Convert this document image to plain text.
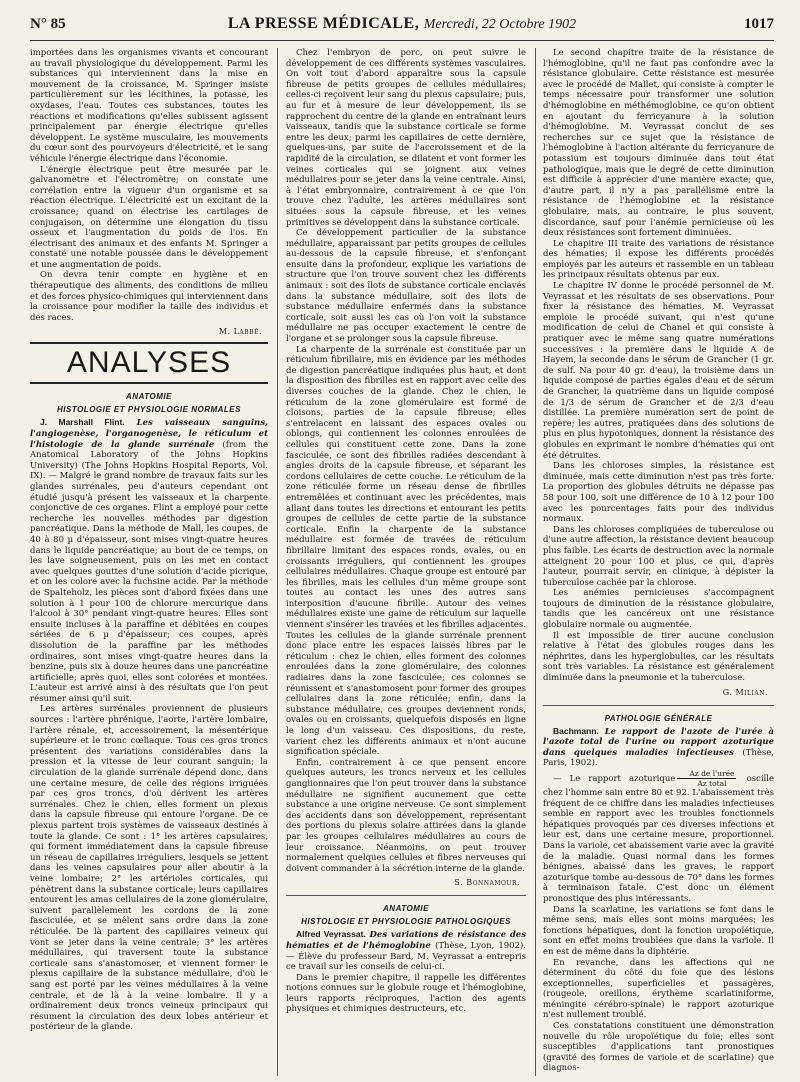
N° 85	LA PRESSE MÉDICALE, Mercredi, 22 Octobre 1902	1017

importées dans les organismes vivants et concourant au travail physiologique du développement. Parmi les substances qui interviennent dans la mise en mouvement de la croissance, M. Springer insiste particulièrement sur les lécithines, la potasse, les oxydases, l'eau. Toutes ces substances, toutes les réactions et modifications qu'elles subissent agissent principalement par énergie électrique qu'elles développent. Le système musculaire, les mouvements du cœur sont des pourvoyeurs d'électricité, et le sang véhicule l'énergie électrique dans l'économie.

L'énergie électrique peut être mesurée par le galvanomètre et l'électromètre; on constate une corrélation entre la vigueur d'un organisme et sa réaction électrique. L'électricité est un excitant de la croissance; quand on électrise les cartilages de conjugaison, on détermine une élongation du tissu osseux et l'augmentation du poids de l'os. En électrisant des animaux et des enfants M. Springer a constaté une notable poussée dans le développement et une augmentation de poids.

On devra tenir compte en hygiène et en thérapeutique des aliments, des conditions de milieu et des forces physico-chimiques qui interviennent dans la croissance pour modifier la taille des individus et des races.

M. Labbé.
ANALYSES
ANATOMIE
HISTOLOGIE ET PHYSIOLOGIE NORMALES

J. Marshall Flint. Les vaisseaux sanguins, l'angiogenèse, l'organogenèse, le réticulum et l'histologie de la glande surrénale (from the Anatomical Laboratory of the Johns Hopkins University) (The Johns Hopkins Hospital Reports, Vol. IX). — Malgré le grand nombre de travaux faits sur les glandes surrénales, peu d'auteurs cependant ont étudié jusqu'à présent les vaisseaux et la charpente conjonctive de ces organes. Flint a employé pour cette recherche les nouvelles méthodes par digestion pancréatique. Dans la méthode de Mall, les coupes, de 40 à 80 µ d'épaisseur, sont mises vingt-quatre heures dans le liquide pancréatique; au bout de ce temps, on les lave soigneusement, puis on les met en contact avec quelques gouttes d'une solution d'acide picrique, et on les colore avec la fuchsine acide. Par la méthode de Spalteholz, les pièces sont d'abord fixées dans une solution à 1 pour 100 de chlorure mercurique dans l'alcool à 30° pendant vingt-quatre heures. Elles sont ensuite incluses à la paraffine et débitées en coupes sériées de 6 µ d'épaisseur; ces coupes, après dissolution de la paraffine par les méthodes ordinaires, sont mises vingt-quatre heures dans la benzine, puis six à douze heures dans une pancréatine artificielle; après quoi, elles sont colorées et montées. L'auteur est arrivé ainsi à des résultats que l'on peut résumer ainsi qu'il suit.

Les artères surrénales proviennent de plusieurs sources : l'artère phrénique, l'aorte, l'artère lombaire, l'artère rénale, et, accessoirement, la mésentérique supérieure et le tronc cœliaque. Tous ces gros troncs présentent des variations considérables dans la pression et la vitesse de leur courant sanguin; la circulation de la glande surrénale dépend donc, dans une certaine mesure, de celle des régions irriguées par ces gros troncs, d'où dérivent les artères surrénales. Chez le chien, elles forment un plexus dans la capsule fibreuse qui entoure l'organe. De ce plexus partent trois systèmes de vaisseaux destinés à toute la glande. Ce sont : 1° les artères capsulaires, qui forment immédiatement dans la capsule fibreuse un réseau de capillaires irréguliers, lesquels se jettent dans les veines capsulaires pour aller aboutir à la veine lombaire; 2° les artérioles corticales, qui pénètrent dans la substance corticale; leurs capillaires entourent les amas cellulaires de la zone glomérulaire, suivent parallèlement les cordons de la zone fasciculée, et se mêlent sans ordre dans la zone réticulée. De là partent des capillaires veineux qui vont se jeter dans la veine centrale; 3° les artères médullaires, qui traversent toute la substance corticale sans s'anastomoser, et viennent former le plexus capillaire de la substance médullaire, d'où le sang est porté par les veines médullaires à la veine centrale, et de là à la veine lombaire. Il y a ordinairement deux troncs veineux principaux qui résument la circulation des deux lobes antérieur et postérieur de la glande.

Chez l'embryon de porc, on peut suivre le développement de ces différents systèmes vasculaires. On voit tout d'abord apparaître sous la capsule fibreuse de petits groupes de cellules médullaires; celles-ci reçoivent leur sang du plexus capsulaire; puis, au fur et à mesure de leur développement, ils se rapprochent du centre de la glande en entraînant leurs vaisseaux, tandis que la substance corticale se forme entre les deux; parmi les capillaires de cette dernière, quelques-uns, par suite de l'accroissement et de la rapidité de la circulation, se dilatent et vont former les veines corticales qui se joignent aux veines médullaires pour se jeter dans la veine centrale. Ainsi, à l'état embryonnaire, contrairement à ce que l'on trouve chez l'adulte, les artères médullaires sont situées sous la capsule fibreuse, et les veines primitives se développent dans la substance corticale.

Ce développement particulier de la substance médullaire, apparaissant par petits groupes de cellules au-dessous de la capsule fibreuse, et s'enfonçant ensuite dans la profondeur, explique les variations de structure que l'on trouve souvent chez les différents animaux : soit des îlots de substance corticale enclavés dans la substance médullaire, soit des îlots de substance médullaire enfermés dans la substance corticale, soit aussi les cas où l'on voit la substance médullaire ne pas occuper exactement le centre de l'organe et se prolonger sous la capsule fibreuse.

La charpente de la surrénale est constituée par un réticulum fibrillaire, mis en évidence par les méthodes de digestion pancréatique indiquées plus haut, et dont la disposition des fibrilles est en rapport avec celle des diverses couches de la glande. Chez le chien, le réticulum de la zone glomérulaire est formé de cloisons, parties de la capsule fibreuse; elles s'entrelacent en laissant des espaces ovales ou oblongs, qui contiennent les colonnes enroulées de cellules qui constituent cette zone. Dans la zone fasciculée, ce sont des fibrilles radiées descendant à angles droits de la capsule fibreuse, et séparant les cordons cellulaires de cette couche. Le réticulum de la zone réticulée forme un réseau dense de fibrilles entremêlées et continuant avec les précédentes, mais allant dans toutes les directions et entourant les petits groupes de cellules de cette partie de la substance corticale. Enfin la charpente de la substance médullaire est formée de travées de réticulum fibrillaire limitant des espaces ronds, ovales, ou en croissants irréguliers, qui contiennent les groupes cellulaires médullaires. Chaque groupe est entouré par les fibrilles, mais les cellules d'un même groupe sont toutes au contact les unes des autres sans interposition d'aucune fibrille. Autour des veines médullaires existe une gaine de réticulum sur laquelle viennent s'insérer les travées et les fibrilles adjacentes. Toutes les cellules de la glande surrénale prennent donc place entre les espaces laissés libres par le réticulum : chez le chien, elles forment des colonnes enroulées dans la zone glomérulaire, des colonnes radiaires dans la zone fasciculée; ces colonnes se réunissent et s'anastomosent pour former des groupes cellulaires dans la zone réticulée; enfin, dans la substance médullaire, ces groupes deviennent ronds, ovales ou en croissants, quelquefois disposés en ligne le long d'un vaisseau. Ces dispositions, du reste, varient chez les différents animaux et n'ont aucune signification spéciale.

Enfin, contrairement à ce que pensent encore quelques auteurs, les troncs nerveux et les cellules ganglionnaires que l'on peut trouver dans la substance médullaire ne signifient aucunement que cette substance a une origine nerveuse. Ce sont simplement des accidents dans son développement, représentant des portions du plexus solaire attirées dans la glande par les groupes cellulaires médullaires au cours de leur croissance. Néanmoins, on peut trouver normalement quelques cellules et fibres nerveuses qui doivent commander à la sécrétion interne de la glande.

S. Bonnamour.
ANATOMIE
HISTOLOGIE ET PHYSIOLOGIE PATHOLOGIQUES

Alfred Veyrassat. Des variations de résistance des hématies et de l'hémoglobine (Thèse, Lyon, 1902). — Élève du professeur Bard, M. Veyrassat a entrepris ce travail sur les conseils de celui-ci.

Dans le premier chapitre, il rappelle les différentes notions connues sur le globule rouge et l'hémoglobine, leurs rapports réciproques, l'action des agents physiques et chimiques destructeurs, etc.

Le second chapitre traite de la résistance de l'hémoglobine, qu'il ne faut pas confondre avec la résistance globulaire. Cette résistance est mesurée avec le procédé de Mallet, qui consiste à compter le temps nécessaire pour transformer une solution d'hémoglobine en méthémoglobine, ce qu'on obtient en ajoutant du ferricyanure à la solution d'hémoglobine. M. Veyrassat conclut de ses recherches sur ce sujet que la résistance de l'hémoglobine à l'action altérante du ferricyanure de potassium est toujours diminuée dans tout état pathologique, mais que le degré de cette diminution est difficile à apprécier d'une manière exacte; que, d'autre part, il n'y a pas parallélisme entre la résistance de l'hémoglobine et la résistance globulaire, mais, au contraire, le plus souvent, discordance, sauf pour l'anémie pernicieuse où les deux résistances sont fortement diminuées.

Le chapitre III traite des variations de résistance des hématies; il expose les différents procédés employés par les auteurs et rassemble en un tableau les principaux résultats obtenus par eux.

Le chapitre IV donne le procédé personnel de M. Veyrassat et les résultats de ses observations. Pour fixer la résistance des hématies, M. Veyrassat emploie le procédé suivant, qui n'est qu'une modification de celui de Chanel et qui consiste à pratiquer avec le même sang quatre numérations successives : la première dans le liquide A de Hayem, la seconde dans le sérum de Grancher (1 gr. de sulf. Na pour 40 gr. d'eau), la troisième dans un liquide composé de parties égales d'eau et de sérum de Grancher, la quatrième dans un liquide composé de 1/3 de sérum de Grancher et de 2/3 d'eau distillée. La première numération sert de point de repère; les autres, pratiquées dans des solutions de plus en plus hypotoniques, donnent la résistance des globules en exprimant le nombre d'hématies qui ont été détruites.

Dans les chloroses simples, la résistance est diminuée, mais cette diminution n'est pas très forte. La proportion des globules détruits ne dépasse pas 58 pour 100, soit une différence de 10 à 12 pour 100 avec les pourcentages faits pour des individus normaux.

Dans les chloroses compliquées de tuberculose ou d'une autre affection, la résistance devient beaucoup plus faible. Les écarts de destruction avec la normale atteignent 20 pour 100 et plus, ce qui, d'après l'auteur, pourrait servir, en clinique, à dépister la tuberculose cachée par la chlorose.

Les anémies pernicieuses s'accompagnent toujours de diminution de la résistance globulaire, tandis que les cancéreux ont une résistance globulaire normale ou augmentée.

Il est impossible de tirer aucune conclusion relative à l'état des globules rouges dans les néphrites, dans les hyperglobulies, car les résultats sont très variables. La résistance est généralement diminuée dans la pneumonie et la tuberculose.

G. Milian.
PATHOLOGIE GÉNÉRALE

Bachmann. Le rapport de l'azote de l'urée à l'azote total de l'urine ou rapport azoturique dans quelques maladies infectieuses (Thèse, Paris, 1902).

— Le rapport azoturique $\frac{\text{Az de l'urée}}{\text{Az total}}$ oscille chez l'homme sain entre 80 et 92. L'abaissement très fréquent de ce chiffre dans les maladies infectieuses semble en rapport avec les troubles fonctionnels hépatiques provoqués par ces diverses infections et leur est, dans une certaine mesure, proportionnel. Dans la variole, cet abaissement varie avec la gravité de la maladie. Quasi normal dans les formes bénignes, abaissé dans les graves, le rapport azoturique tombe au-dessous de 70° dans les formes à terminaison fatale. C'est donc un élément pronostique des plus intéressants.

Dans la scarlatine, les variations se font dans le même sens, mais elles sont moins marquées; les fonctions hépatiques, dont la fonction uropoïétique, sont en effet moins troublées que dans la variole. Il en est de même dans la diphtérie.

En revanche, dans les affections qui ne déterminent du côté du foie que des lésions exceptionnelles, superficielles et passagères, (rougeole, oreillons, érythème scarlatiniforme, méningite cérébro-spinale) le rapport azoturique n'est nullement troublé.

Ces constatations constituent une démonstration nouvelle du rôle uropoïétique du foie; elles sont susceptibles d'applications tant pronostiques (gravité des formes de variole et de scarlatine) que diagnos-
